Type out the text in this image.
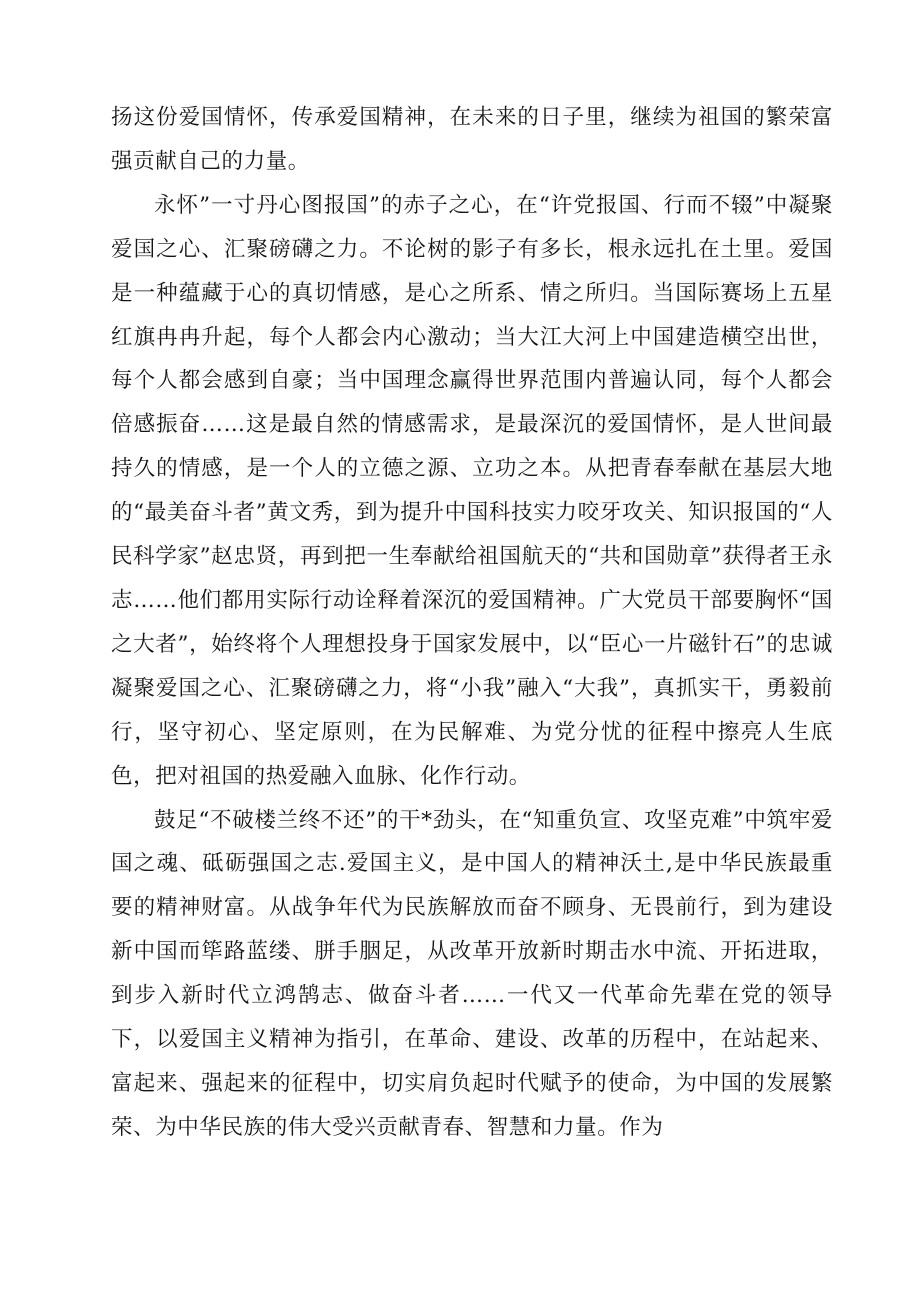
扬这份爱国情怀，传承爱国精神，在未来的日子里，继续为祖国的繁荣富强贡献自己的力量。

永怀”一寸丹心图报国”的赤子之心，在“许党报国、行而不辍”中凝聚爱国之心、汇聚磅礴之力。不论树的影子有多长，根永远扎在土里。爱国是一种蕴藏于心的真切情感，是心之所系、情之所归。当国际赛场上五星红旗冉冉升起，每个人都会内心激动；当大江大河上中国建造横空出世，每个人都会感到自豪；当中国理念赢得世界范围内普遍认同，每个人都会倍感振奋……这是最自然的情感需求，是最深沉的爱国情怀，是人世间最持久的情感，是一个人的立德之源、立功之本。从把青春奉献在基层大地的“最美奋斗者”黄文秀，到为提升中国科技实力咬牙攻关、知识报国的“人民科学家”赵忠贤，再到把一生奉献给祖国航天的“共和国勋章”获得者王永志……他们都用实际行动诠释着深沉的爱国精神。广大党员干部要胸怀“国之大者”，始终将个人理想投身于国家发展中，以“臣心一片磁针石”的忠诚凝聚爱国之心、汇聚磅礴之力，将“小我”融入“大我”，真抓实干，勇毅前行，坚守初心、坚定原则，在为民解难、为党分忧的征程中擦亮人生底色，把对祖国的热爱融入血脉、化作行动。

鼓足“不破楼兰终不还”的干*劲头，在“知重负宣、攻坚克难”中筑牢爱国之魂、砥砺强国之志.爱国主义，是中国人的精神沃土,是中华民族最重要的精神财富。从战争年代为民族解放而奋不顾身、无畏前行，到为建设新中国而筚路蓝缕、胼手胭足，从改革开放新时期击水中流、开拓进取，到步入新时代立鸿鹄志、做奋斗者……一代又一代革命先辈在党的领导下，以爱国主义精神为指引，在革命、建设、改革的历程中，在站起来、富起来、强起来的征程中，切实肩负起时代赋予的使命，为中国的发展繁荣、为中华民族的伟大受兴贡献青春、智慧和力量。作为
